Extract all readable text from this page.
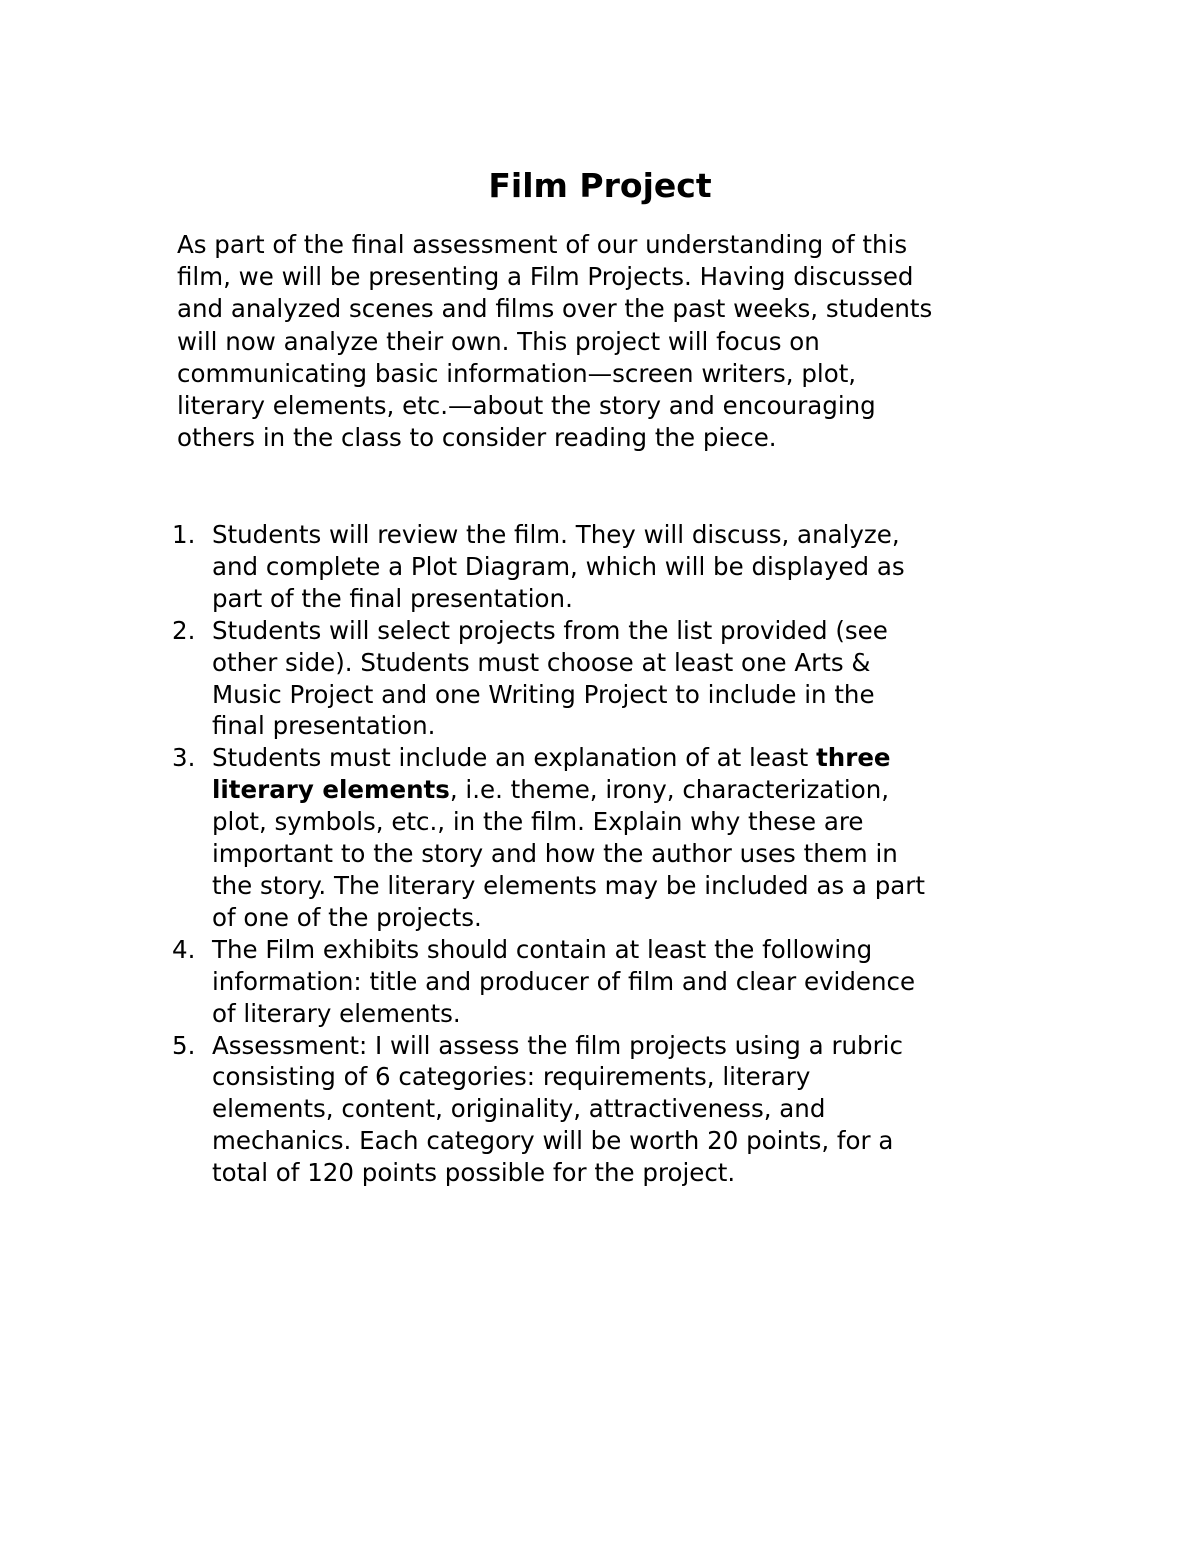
Film Project

As part of the final assessment of our understanding of this
film, we will be presenting a Film Projects. Having discussed
and analyzed scenes and films over the past weeks, students
will now analyze their own. This project will focus on
communicating basic information—screen writers, plot,
literary elements, etc.—about the story and encouraging
others in the class to consider reading the piece.

1. Students will review the film. They will discuss, analyze,
and complete a Plot Diagram, which will be displayed as
part of the final presentation.
2. Students will select projects from the list provided (see
other side). Students must choose at least one Arts &
Music Project and one Writing Project to include in the
final presentation.
3. Students must include an explanation of at least three
literary elements, i.e. theme, irony, characterization,
plot, symbols, etc., in the film. Explain why these are
important to the story and how the author uses them in
the story. The literary elements may be included as a part
of one of the projects.
4. The Film exhibits should contain at least the following
information: title and producer of film and clear evidence
of literary elements.
5. Assessment: I will assess the film projects using a rubric
consisting of 6 categories: requirements, literary
elements, content, originality, attractiveness, and
mechanics. Each category will be worth 20 points, for a
total of 120 points possible for the project.
